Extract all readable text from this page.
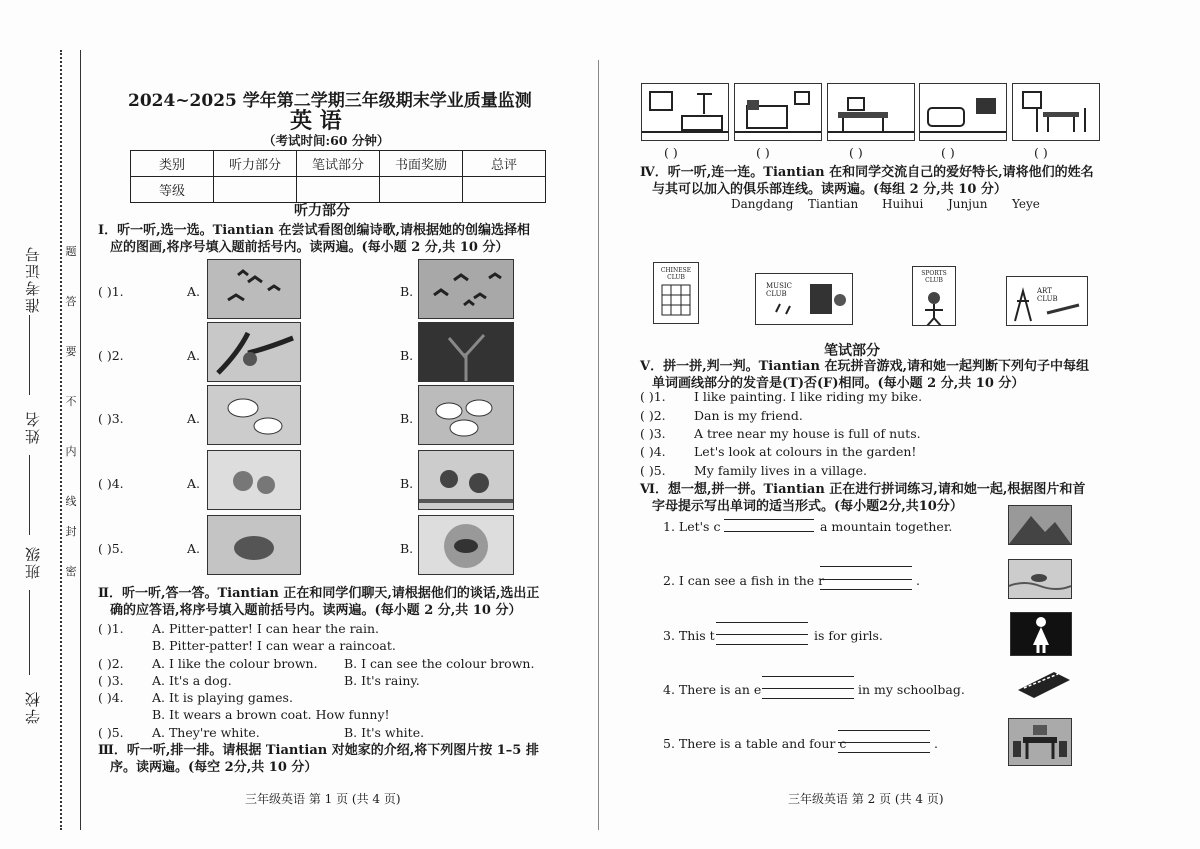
准考证号
姓名
班级
学校
题
答
要
不
内
线
封
密
2024~2025 学年第二学期三年级期末学业质量监测
英 语
（考试时间:60 分钟）
类别	听力部分	笔试部分	书面奖励	总评
等级				
听力部分
Ⅰ．听一听,选一选。Tiantian 在尝试看图创编诗歌,请根据她的创编选择相
应的图画,将序号填入题前括号内。读两遍。(每小题 2 分,共 10 分）
( )1.	A.	B.
( )2.	A.	B.
( )3.	A.	B.
( )4.	A.	B.
( )5.	A.	B.
Ⅱ．听一听,答一答。Tiantian 正在和同学们聊天,请根据他们的谈话,选出正
确的应答语,将序号填入题前括号内。读两遍。(每小题 2 分,共 10 分）
( )1. A. Pitter-patter! I can hear the rain.
B. Pitter-patter! I can wear a raincoat.
( )2. A. I like the colour brown. B. I can see the colour brown.
( )3. A. It's a dog.	B. It's rainy.
( )4. A. It is playing games.
B. It wears a brown coat. How funny!
( )5. A. They're white.	B. It's white.
Ⅲ．听一听,排一排。请根据 Tiantian 对她家的介绍,将下列图片按 1–5 排
序。读两遍。(每空 2分,共 10 分）
三年级英语 第 1 页 (共 4 页)
( )	( )	( )	( )	( )
Ⅳ．听一听,连一连。Tiantian 在和同学交流自己的爱好特长,请将他们的姓名
与其可以加入的俱乐部连线。读两遍。(每组 2 分,共 10 分）
Dangdang Tiantian Huihui Junjun Yeye
CHINESE CLUB
MUSIC CLUB
SPORTS CLUB
ART CLUB
笔试部分
Ⅴ．拼一拼,判一判。Tiantian 在玩拼音游戏,请和她一起判断下列句子中每组
单词画线部分的发音是(T)否(F)相同。(每小题 2 分,共 10 分）
( )1. I like painting. I like riding my bike.
( )2. Dan is my friend.
( )3. A tree near my house is full of nuts.
( )4. Let's look at colours in the garden!
( )5. My family lives in a village.
Ⅵ．想一想,拼一拼。Tiantian 正在进行拼词练习,请和她一起,根据图片和首
字母提示写出单词的适当形式。(每小题2分,共10分）
1. Let's c	a mountain together.
2. I can see a fish in the r	.
3. This t	is for girls.
4. There is an e	in my schoolbag.
5. There is a table and four c	.
三年级英语 第 2 页 (共 4 页)
